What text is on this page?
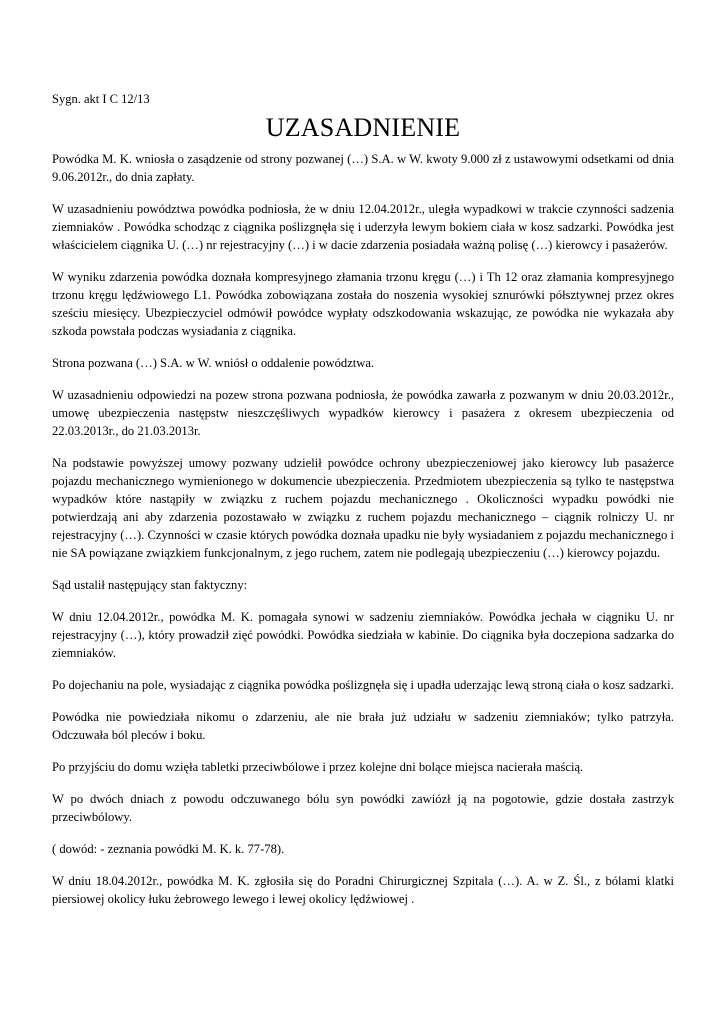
Sygn. akt I C 12/13
UZASADNIENIE

Powódka M. K. wniosła o zasądzenie od strony pozwanej (…) S.A. w W. kwoty 9.000 zł z ustawowymi odsetkami od dnia 9.06.2012r., do dnia zapłaty.

W uzasadnieniu powództwa powódka podniosła, że w dniu 12.04.2012r., uległa wypadkowi w trakcie czynności sadzenia ziemniaków . Powódka schodząc z ciągnika poślizgnęła się i uderzyła lewym bokiem ciała w kosz sadzarki. Powódka jest właścicielem ciągnika U. (…) nr rejestracyjny (…) i w dacie zdarzenia posiadała ważną polisę (…) kierowcy i pasażerów.

W wyniku zdarzenia powódka doznała kompresyjnego złamania trzonu kręgu (…) i Th 12 oraz złamania kompresyjnego trzonu kręgu lędźwiowego L1. Powódka zobowiązana została do noszenia wysokiej sznurówki półsztywnej przez okres sześciu miesięcy. Ubezpieczyciel odmówił powódce wypłaty odszkodowania wskazując, ze powódka nie wykazała aby szkoda powstała podczas wysiadania z ciągnika.

Strona pozwana (…) S.A. w W. wniósł o oddalenie powództwa.

W uzasadnieniu odpowiedzi na pozew strona pozwana podniosła, że powódka zawarła z pozwanym w dniu 20.03.2012r., umowę ubezpieczenia następstw nieszczęśliwych wypadków kierowcy i pasażera z okresem ubezpieczenia od 22.03.2013r., do 21.03.2013r.

Na podstawie powyższej umowy pozwany udzielił powódce ochrony ubezpieczeniowej jako kierowcy lub pasażerce pojazdu mechanicznego wymienionego w dokumencie ubezpieczenia. Przedmiotem ubezpieczenia są tylko te następstwa wypadków które nastąpiły w związku z ruchem pojazdu mechanicznego . Okoliczności wypadku powódki nie potwierdzają ani aby zdarzenia pozostawało w związku z ruchem pojazdu mechanicznego – ciągnik rolniczy U. nr rejestracyjny (…). Czynności w czasie których powódka doznała upadku nie były wysiadaniem z pojazdu mechanicznego i nie SA powiązane związkiem funkcjonalnym, z jego ruchem, zatem nie podlegają ubezpieczeniu (…) kierowcy pojazdu.

Sąd ustalił następujący stan faktyczny:

W dniu 12.04.2012r., powódka M. K. pomagała synowi w sadzeniu ziemniaków. Powódka jechała w ciągniku U. nr rejestracyjny (…), który prowadził zięć powódki. Powódka siedziała w kabinie. Do ciągnika była doczepiona sadzarka do ziemniaków.

Po dojechaniu na pole, wysiadając z ciągnika powódka poślizgnęła się i upadła uderzając lewą stroną ciała o kosz sadzarki.

Powódka nie powiedziała nikomu o zdarzeniu, ale nie brała już udziału w sadzeniu ziemniaków; tylko patrzyła. Odczuwała ból pleców i boku.

Po przyjściu do domu wzięła tabletki przeciwbólowe i przez kolejne dni bolące miejsca nacierała maścią.

W po dwóch dniach z powodu odczuwanego bólu syn powódki zawiózł ją na pogotowie, gdzie dostała zastrzyk przeciwbólowy.

( dowód: - zeznania powódki M. K. k. 77-78).

W dniu 18.04.2012r., powódka M. K. zgłosiła się do Poradni Chirurgicznej Szpitala (…). A. w Z. Śl., z bólami klatki piersiowej okolicy łuku żebrowego lewego i lewej okolicy lędźwiowej .
